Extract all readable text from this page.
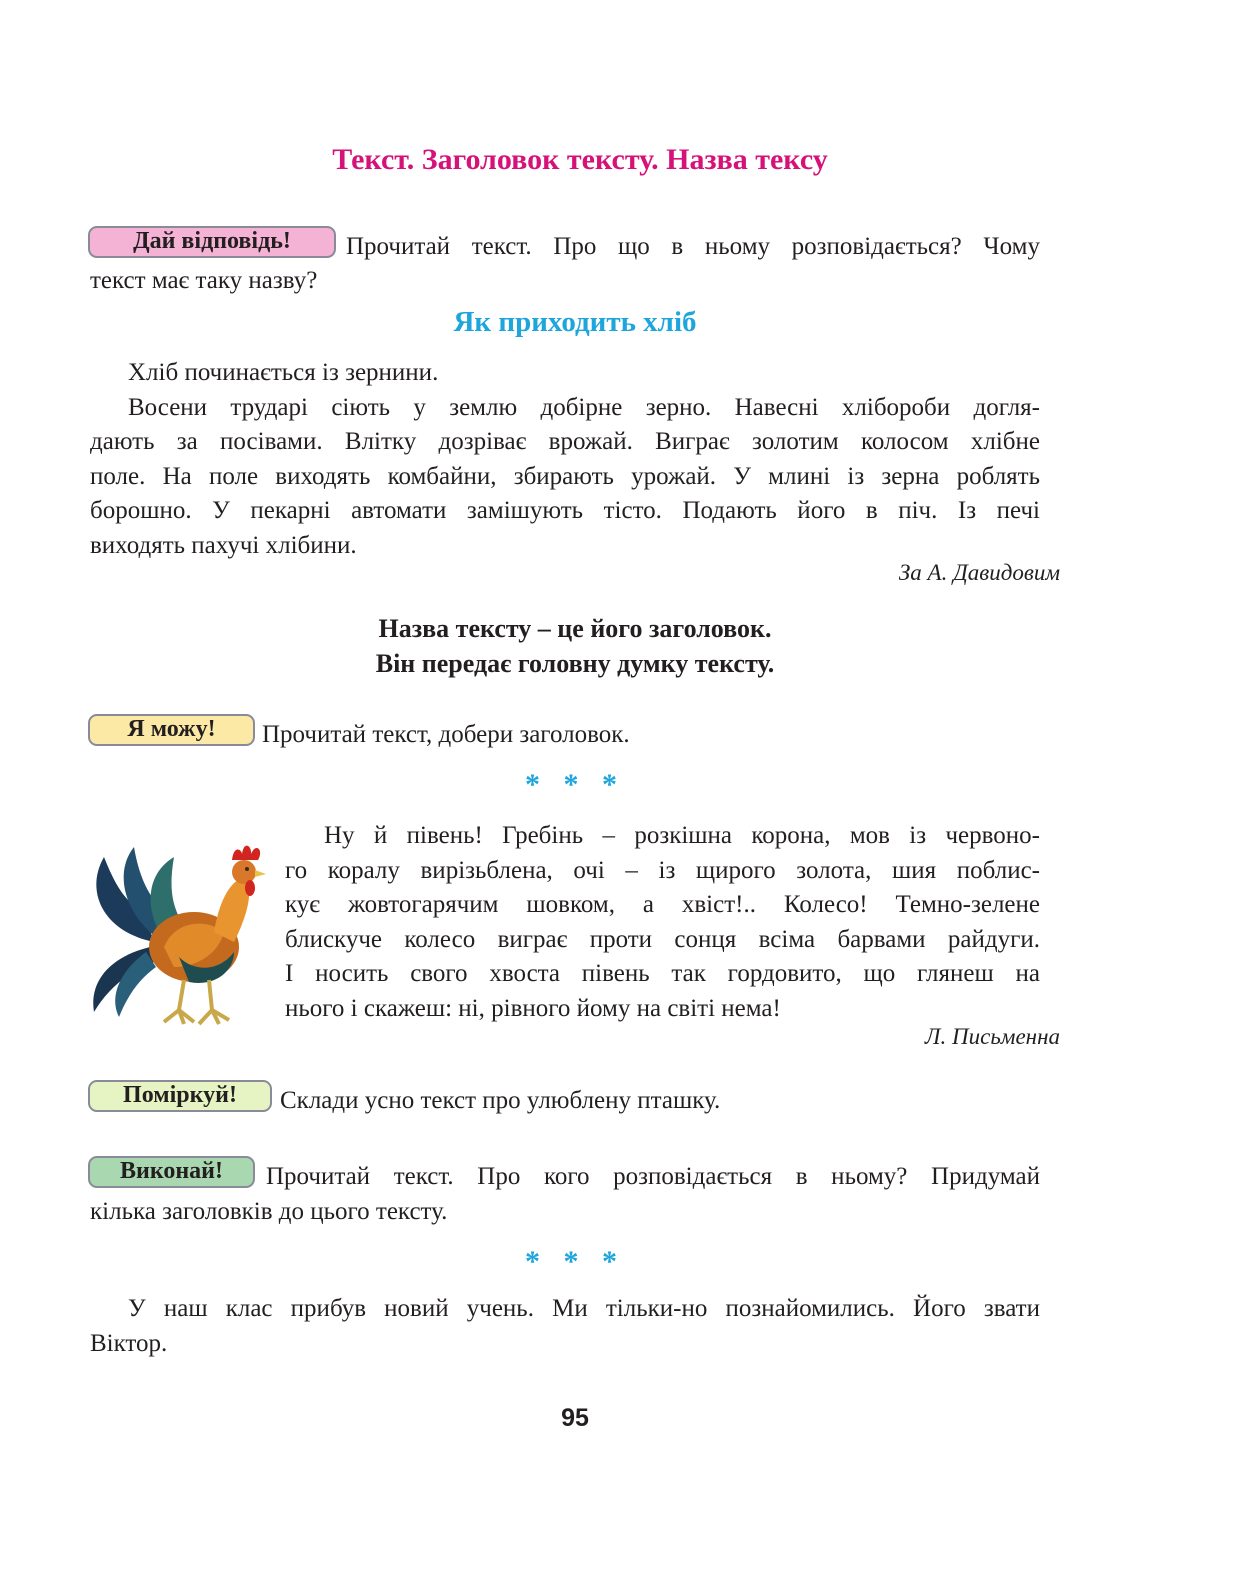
Текст. Заголовок тексту. Назва тексу
Дай відповідь!	Прочитай текст. Про що в ньому розповідається? Чому
текст має таку назву?
Як приходить хліб
Хліб починається із зернини.
Восени трударі сіють у землю добірне зерно. Навесні хлібороби догля-
дають за посівами. Влітку дозріває врожай. Виграє золотим колосом хлібне
поле. На поле виходять комбайни, збирають урожай. У млині із зерна роблять
борошно. У пекарні автомати замішують тісто. Подають його в піч. Із печі
виходять пахучі хлібини.
За А. Давидовим
Назва тексту – це його заголовок.
Він передає головну думку тексту.
Я можу!	Прочитай текст, добери заголовок.
* * *
Ну й півень! Гребінь – розкішна корона, мов із червоно-
го коралу вирізьблена, очі – із щирого золота, шия поблис-
кує жовтогарячим шовком, а хвіст!.. Колесо! Темно-зелене
блискуче колесо виграє проти сонця всіма барвами райдуги.
І носить свого хвоста півень так гордовито, що глянеш на
нього і скажеш: ні, рівного йому на світі нема!
Л. Письменна
Поміркуй!	Склади усно текст про улюблену пташку.
Виконай!	Прочитай текст. Про кого розповідається в ньому? Придумай
кілька заголовків до цього тексту.
* * *
У наш клас прибув новий учень. Ми тільки-но познайомились. Його звати
Віктор.
95
